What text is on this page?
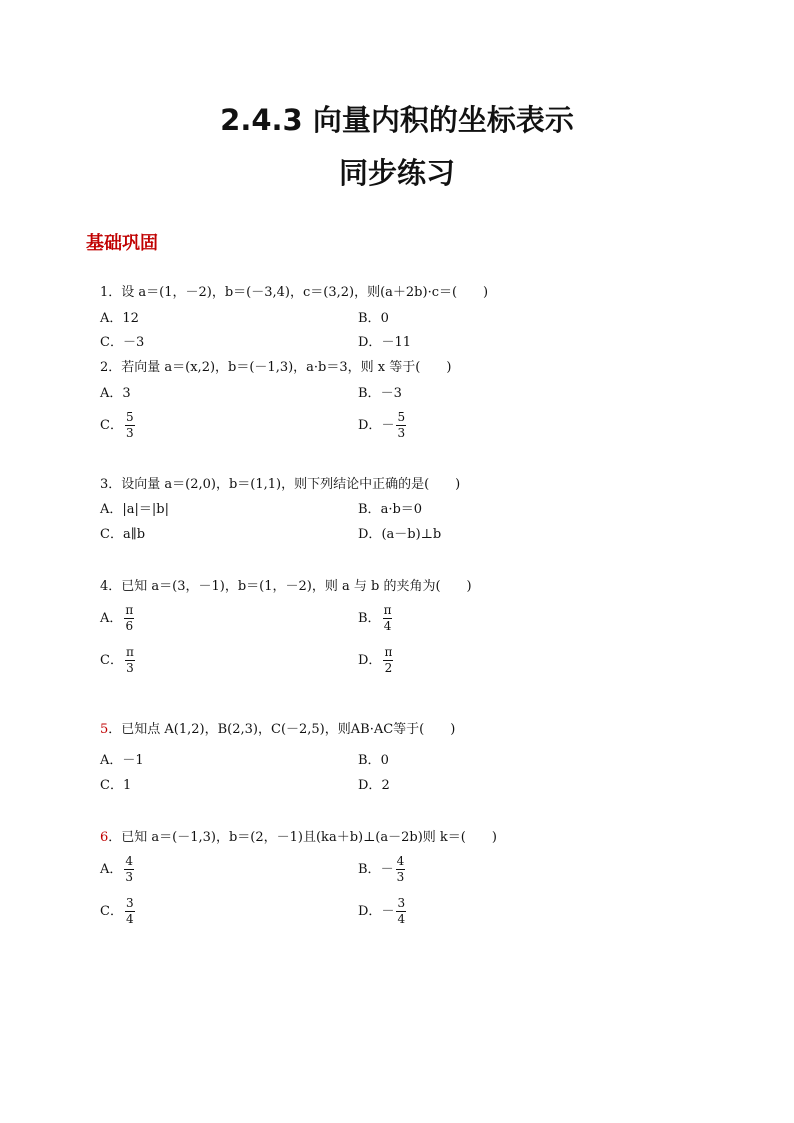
2.4.3 向量内积的坐标表示
同步练习
基础巩固
1．设 a＝(1，－2)，b＝(－3,4)，c＝(3,2)，则(a＋2b)·c＝(　　)
A． 12	B． 0
C． －3	D． －11
2．若向量 a＝(x,2)，b＝(－1,3)，a·b＝3，则 x 等于(　　)
A． 3	B． －3
C． $\frac{5}{3}$	D． － $\frac{5}{3}$
3．设向量 a＝(2,0)，b＝(1,1)，则下列结论中正确的是(　　)
A． |a|＝|b|	B． a·b＝0
C． a∥b	D． (a－b)⊥b
4．已知 a＝(3，－1)，b＝(1，－2)，则 a 与 b 的夹角为(　　)
A． $\frac{\pi}{6}$	B． $\frac{\pi}{4}$
C． $\frac{\pi}{3}$	D． $\frac{\pi}{2}$
5．已知点 A(1,2)，B(2,3)，C(－2,5)，则AB·AC等于(　　)
A． －1	B． 0
C． 1	D． 2
6．已知 a＝(－1,3)，b＝(2，－1)且(ka＋b)⊥(a－2b)则 k＝(　　)
A． $\frac{4}{3}$	B． － $\frac{4}{3}$
C． $\frac{3}{4}$	D． － $\frac{3}{4}$
